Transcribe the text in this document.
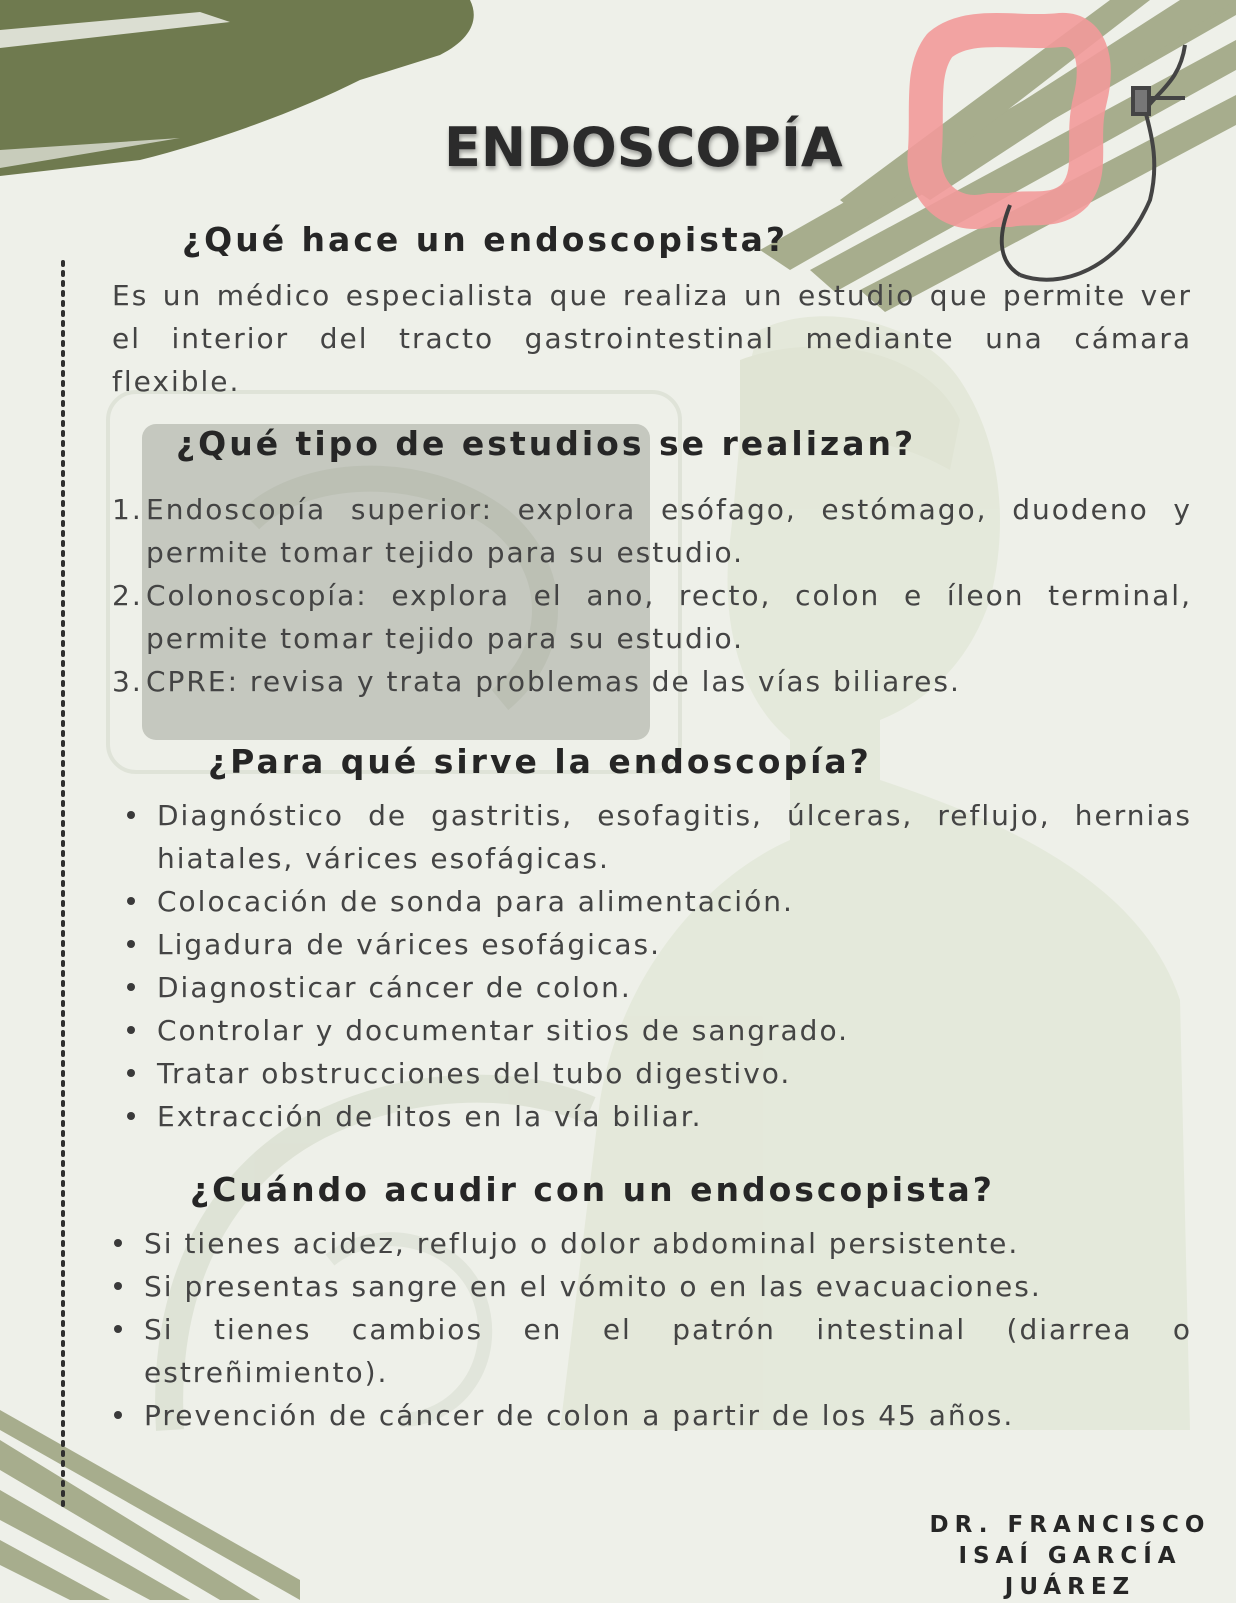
ENDOSCOPÍA
¿Qué hace un endoscopista?

Es un médico especialista que realiza un estudio que permite ver el interior del tracto gastrointestinal mediante una cámara flexible.

¿Qué tipo de estudios se realizan?
1. Endoscopía superior: explora esófago, estómago, duodeno y permite tomar tejido para su estudio.
2. Colonoscopía: explora el ano, recto, colon e íleon terminal, permite tomar tejido para su estudio.
3. CPRE: revisa y trata problemas de las vías biliares.
¿Para qué sirve la endoscopía?
Diagnóstico de gastritis, esofagitis, úlceras, reflujo, hernias hiatales, várices esofágicas.
Colocación de sonda para alimentación.
Ligadura de várices esofágicas.
Diagnosticar cáncer de colon.
Controlar y documentar sitios de sangrado.
Tratar obstrucciones del tubo digestivo.
Extracción de litos en la vía biliar.
¿Cuándo acudir con un endoscopista?
Si tienes acidez, reflujo o dolor abdominal persistente.
Si presentas sangre en el vómito o en las evacuaciones.
Si tienes cambios en el patrón intestinal (diarrea o estreñimiento).
Prevención de cáncer de colon a partir de los 45 años.
DR. FRANCISCO
ISAÍ GARCÍA
JUÁREZ
